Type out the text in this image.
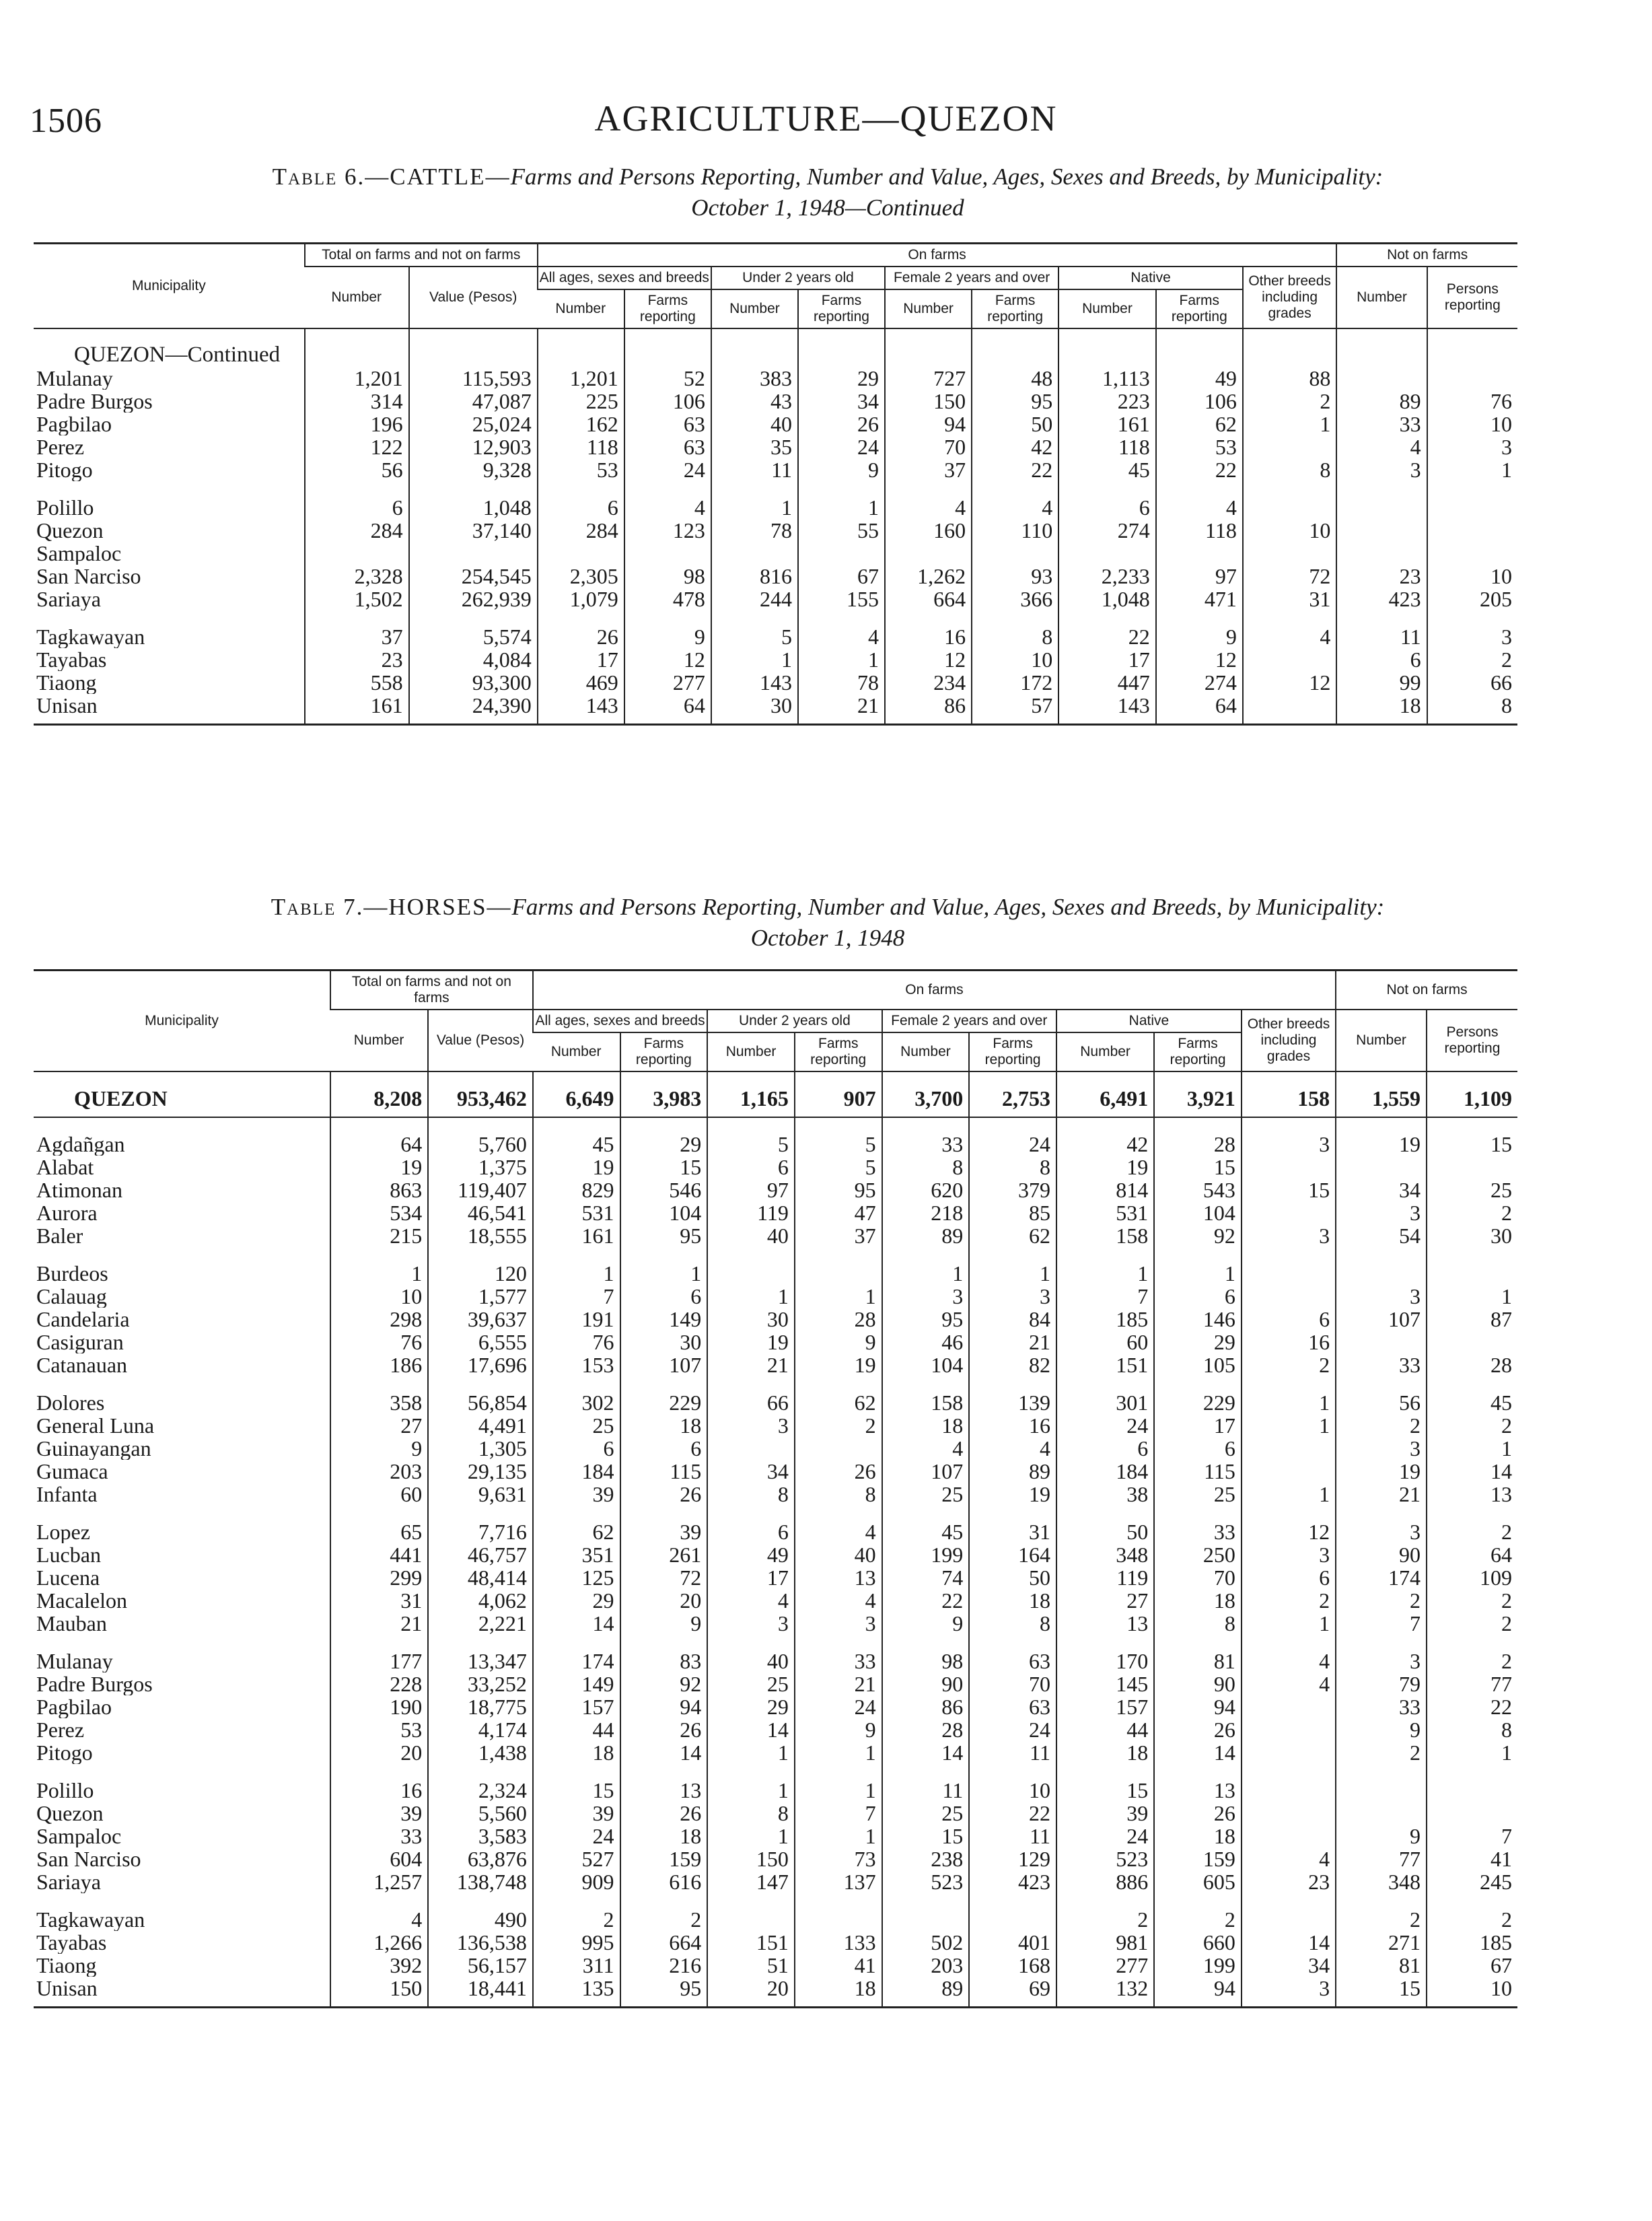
1506	AGRICULTURE—QUEZON
Table 6.—CATTLE—Farms and Persons Reporting, Number and Value, Ages, Sexes and Breeds, by Municipality:
October 1, 1948—Continued
Municipality	Total on farms and not on farms		On farms									Not on farms	
	Number	Value (Pesos)	All ages, sexes and breeds		Under 2 years old		Female 2 years and over		Native		Other breeds including grades	Number	Persons reporting
			Number	Farms reporting	Number	Farms reporting	Number	Farms reporting	Number	Farms reporting			
QUEZON—Continued													
Mulanay	1,201	115,593	1,201	52	383	29	727	48	1,113	49	88		
Padre Burgos	314	47,087	225	106	43	34	150	95	223	106	2	89	76
Pagbilao	196	25,024	162	63	40	26	94	50	161	62	1	33	10
Perez	122	12,903	118	63	35	24	70	42	118	53		4	3
Pitogo	56	9,328	53	24	11	9	37	22	45	22	8	3	1
Polillo	6	1,048	6	4	1	1	4	4	6	4			
Quezon	284	37,140	284	123	78	55	160	110	274	118	10		
Sampaloc													
San Narciso	2,328	254,545	2,305	98	816	67	1,262	93	2,233	97	72	23	10
Sariaya	1,502	262,939	1,079	478	244	155	664	366	1,048	471	31	423	205
Tagkawayan	37	5,574	26	9	5	4	16	8	22	9	4	11	3
Tayabas	23	4,084	17	12	1	1	12	10	17	12		6	2
Tiaong	558	93,300	469	277	143	78	234	172	447	274	12	99	66
Unisan	161	24,390	143	64	30	21	86	57	143	64		18	8
Table 7.—HORSES—Farms and Persons Reporting, Number and Value, Ages, Sexes and Breeds, by Municipality:
October 1, 1948
Municipality	Total on farms and not on farms		On farms									Not on farms	
	Number	Value (Pesos)	All ages, sexes and breeds		Under 2 years old		Female 2 years and over		Native		Other breeds including grades	Number	Persons reporting
			Number	Farms reporting	Number	Farms reporting	Number	Farms reporting	Number	Farms reporting			
QUEZON	8,208	953,462	6,649	3,983	1,165	907	3,700	2,753	6,491	3,921	158	1,559	1,109
Agdañgan	64	5,760	45	29	5	5	33	24	42	28	3	19	15
Alabat	19	1,375	19	15	6	5	8	8	19	15			
Atimonan	863	119,407	829	546	97	95	620	379	814	543	15	34	25
Aurora	534	46,541	531	104	119	47	218	85	531	104		3	2
Baler	215	18,555	161	95	40	37	89	62	158	92	3	54	30
Burdeos	1	120	1	1			1	1	1	1			
Calauag	10	1,577	7	6	1	1	3	3	7	6		3	1
Candelaria	298	39,637	191	149	30	28	95	84	185	146	6	107	87
Casiguran	76	6,555	76	30	19	9	46	21	60	29	16		
Catanauan	186	17,696	153	107	21	19	104	82	151	105	2	33	28
Dolores	358	56,854	302	229	66	62	158	139	301	229	1	56	45
General Luna	27	4,491	25	18	3	2	18	16	24	17	1	2	2
Guinayangan	9	1,305	6	6			4	4	6	6		3	1
Gumaca	203	29,135	184	115	34	26	107	89	184	115		19	14
Infanta	60	9,631	39	26	8	8	25	19	38	25	1	21	13
Lopez	65	7,716	62	39	6	4	45	31	50	33	12	3	2
Lucban	441	46,757	351	261	49	40	199	164	348	250	3	90	64
Lucena	299	48,414	125	72	17	13	74	50	119	70	6	174	109
Macalelon	31	4,062	29	20	4	4	22	18	27	18	2	2	2
Mauban	21	2,221	14	9	3	3	9	8	13	8	1	7	2
Mulanay	177	13,347	174	83	40	33	98	63	170	81	4	3	2
Padre Burgos	228	33,252	149	92	25	21	90	70	145	90	4	79	77
Pagbilao	190	18,775	157	94	29	24	86	63	157	94		33	22
Perez	53	4,174	44	26	14	9	28	24	44	26		9	8
Pitogo	20	1,438	18	14	1	1	14	11	18	14		2	1
Polillo	16	2,324	15	13	1	1	11	10	15	13			
Quezon	39	5,560	39	26	8	7	25	22	39	26			
Sampaloc	33	3,583	24	18	1	1	15	11	24	18		9	7
San Narciso	604	63,876	527	159	150	73	238	129	523	159	4	77	41
Sariaya	1,257	138,748	909	616	147	137	523	423	886	605	23	348	245
Tagkawayan	4	490	2	2					2	2		2	2
Tayabas	1,266	136,538	995	664	151	133	502	401	981	660	14	271	185
Tiaong	392	56,157	311	216	51	41	203	168	277	199	34	81	67
Unisan	150	18,441	135	95	20	18	89	69	132	94	3	15	10
